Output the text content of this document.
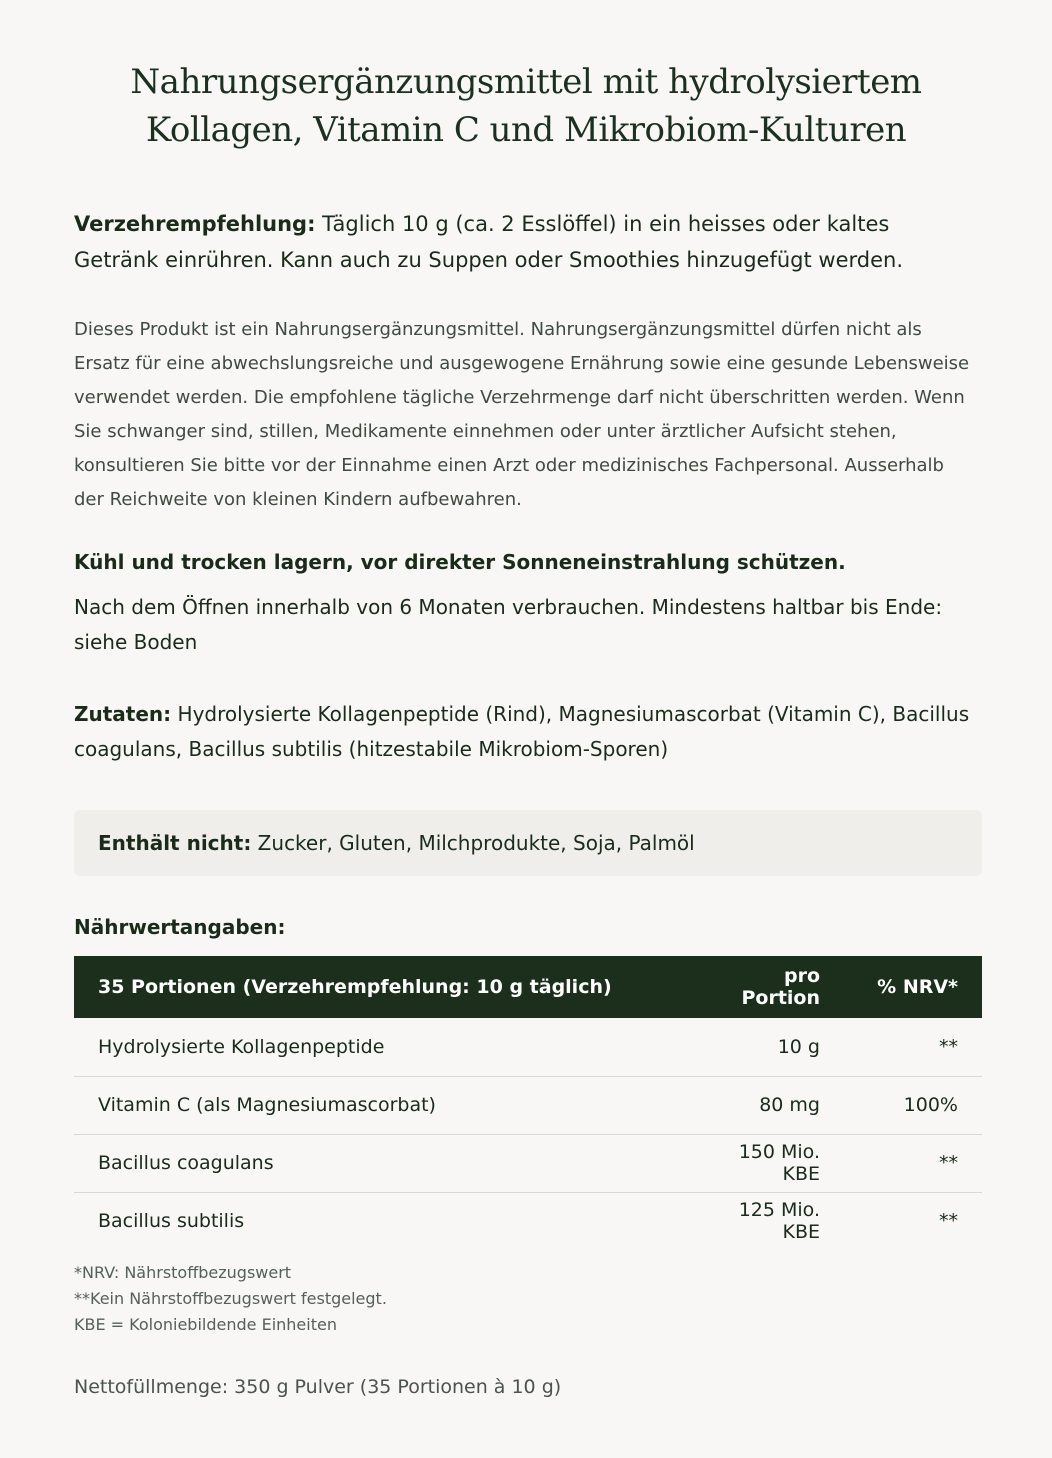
Nahrungsergänzungsmittel mit hydrolysiertem
Kollagen, Vitamin C und Mikrobiom-Kulturen
Verzehrempfehlung: Täglich 10 g (ca. 2 Esslöffel) in ein heisses oder kaltes Getränk einrühren. Kann auch zu Suppen oder Smoothies hinzugefügt werden.
Dieses Produkt ist ein Nahrungsergänzungsmittel. Nahrungsergänzungsmittel dürfen nicht als Ersatz für eine abwechslungsreiche und ausgewogene Ernährung sowie eine gesunde Lebensweise verwendet werden. Die empfohlene tägliche Verzehrmenge darf nicht überschritten werden. Wenn Sie schwanger sind, stillen, Medikamente einnehmen oder unter ärztlicher Aufsicht stehen, konsultieren Sie bitte vor der Einnahme einen Arzt oder medizinisches Fachpersonal. Ausserhalb der Reichweite von kleinen Kindern aufbewahren.
Kühl und trocken lagern, vor direkter Sonneneinstrahlung schützen.
Nach dem Öffnen innerhalb von 6 Monaten verbrauchen. Mindestens haltbar bis Ende: siehe Boden
Zutaten: Hydrolysierte Kollagenpeptide (Rind), Magnesiumascorbat (Vitamin C), Bacillus coagulans, Bacillus subtilis (hitzestabile Mikrobiom-Sporen)
Enthält nicht: Zucker, Gluten, Milchprodukte, Soja, Palmöl
Nährwertangaben:
35 Portionen (Verzehrempfehlung: 10 g täglich)	pro Portion	% NRV*
Hydrolysierte Kollagenpeptide	10 g	**
Vitamin C (als Magnesiumascorbat)	80 mg	100%
Bacillus coagulans	150 Mio. KBE	**
Bacillus subtilis	125 Mio. KBE	**
*NRV: Nährstoffbezugswert
**Kein Nährstoffbezugswert festgelegt.
KBE = Koloniebildende Einheiten
Nettofüllmenge: 350 g Pulver (35 Portionen à 10 g)
